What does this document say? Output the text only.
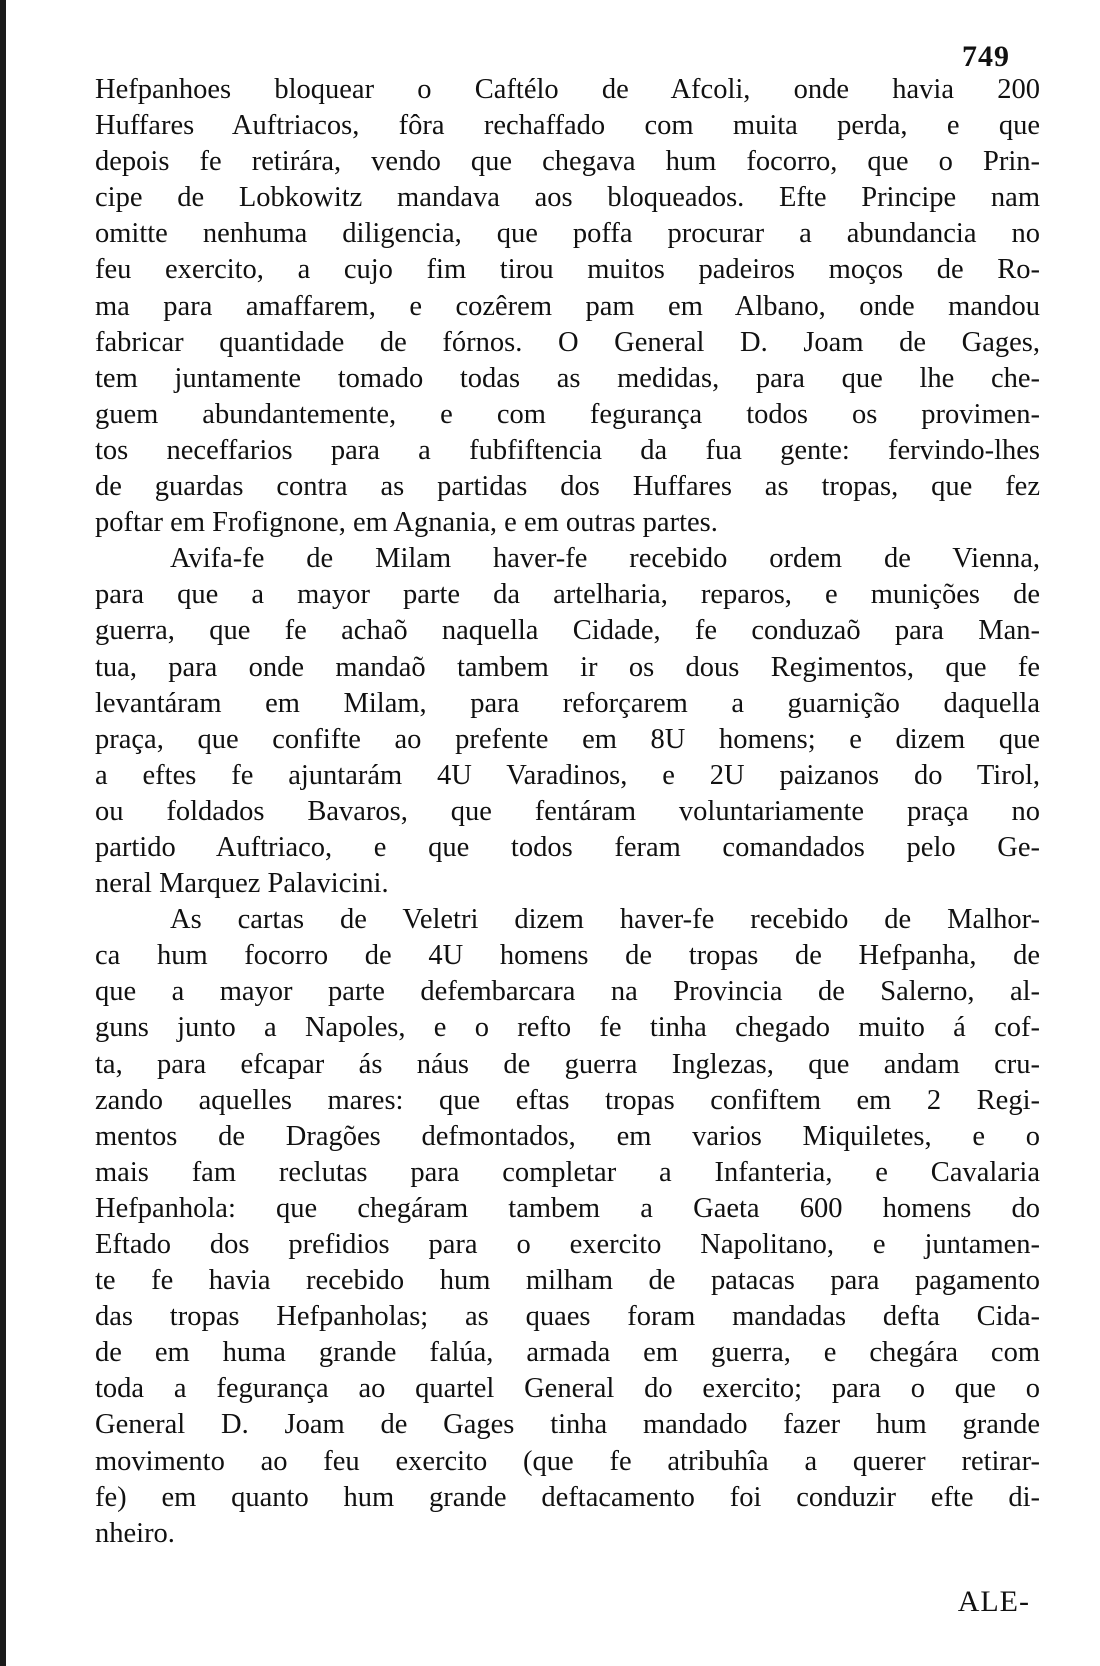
749
Hefpanhoes bloquear o Caftélo de Afcoli, onde havia 200
Huffares Auftriacos, fôra rechaffado com muita perda, e que
depois fe retirára, vendo que chegava hum focorro, que o Prin-
cipe de Lobkowitz mandava aos bloqueados. Efte Principe nam
omitte nenhuma diligencia, que poffa procurar a abundancia no
feu exercito, a cujo fim tirou muitos padeiros moços de Ro-
ma para amaffarem, e cozêrem pam em Albano, onde mandou
fabricar quantidade de fórnos. O General D. Joam de Gages,
tem juntamente tomado todas as medidas, para que lhe che-
guem abundantemente, e com fegurança todos os provimen-
tos neceffarios para a fubfiftencia da fua gente: fervindo-lhes
de guardas contra as partidas dos Huffares as tropas, que fez
poftar em Frofignone, em Agnania, e em outras partes.
Avifa-fe de Milam haver-fe recebido ordem de Vienna,
para que a mayor parte da artelharia, reparos, e munições de
guerra, que fe achaõ naquella Cidade, fe conduzaõ para Man-
tua, para onde mandaõ tambem ir os dous Regimentos, que fe
levantáram em Milam, para reforçarem a guarnição daquella
praça, que confifte ao prefente em 8U homens; e dizem que
a eftes fe ajuntarám 4U Varadinos, e 2U paizanos do Tirol,
ou foldados Bavaros, que fentáram voluntariamente praça no
partido Auftriaco, e que todos feram comandados pelo Ge-
neral Marquez Palavicini.
As cartas de Veletri dizem haver-fe recebido de Malhor-
ca hum focorro de 4U homens de tropas de Hefpanha, de
que a mayor parte defembarcara na Provincia de Salerno, al-
guns junto a Napoles, e o refto fe tinha chegado muito á cof-
ta, para efcapar ás náus de guerra Inglezas, que andam cru-
zando aquelles mares: que eftas tropas confiftem em 2 Regi-
mentos de Dragões defmontados, em varios Miquiletes, e o
mais fam reclutas para completar a Infanteria, e Cavalaria
Hefpanhola: que chegáram tambem a Gaeta 600 homens do
Eftado dos prefidios para o exercito Napolitano, e juntamen-
te fe havia recebido hum milham de patacas para pagamento
das tropas Hefpanholas; as quaes foram mandadas defta Cida-
de em huma grande falúa, armada em guerra, e chegára com
toda a fegurança ao quartel General do exercito; para o que o
General D. Joam de Gages tinha mandado fazer hum grande
movimento ao feu exercito (que fe atribuhîa a querer retirar-
fe) em quanto hum grande deftacamento foi conduzir efte di-
nheiro.
ALE-
